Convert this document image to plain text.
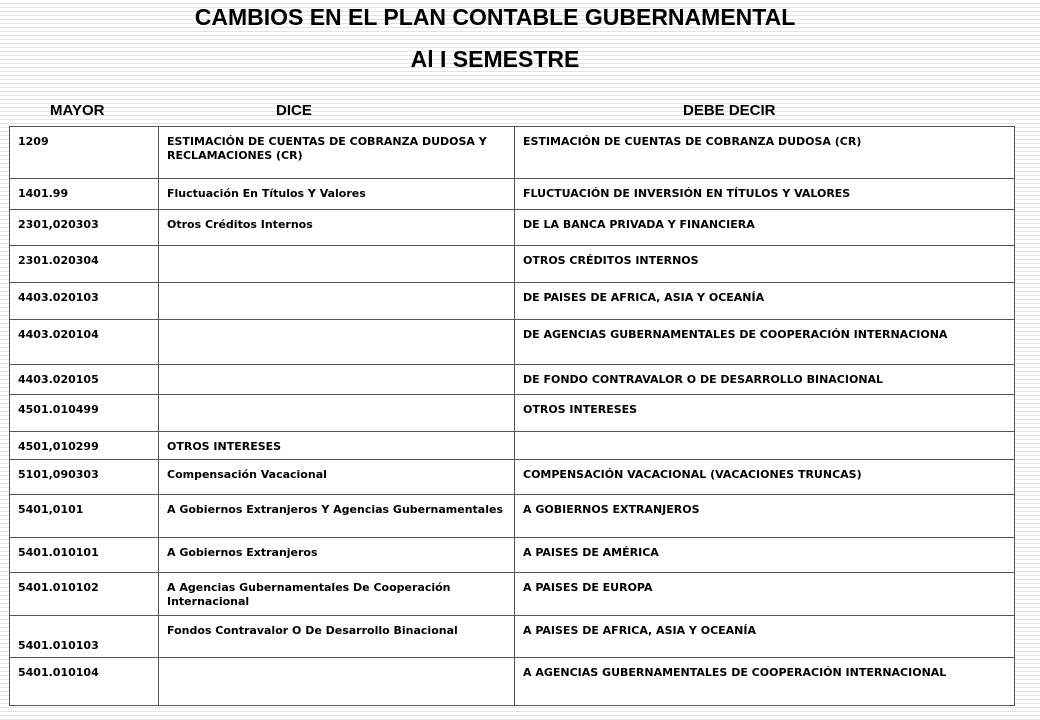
CAMBIOS EN EL PLAN CONTABLE GUBERNAMENTAL
Al I SEMESTRE
MAYOR	DICE	DEBE DECIR
1209	ESTIMACIÓN DE CUENTAS DE COBRANZA DUDOSA Y RECLAMACIONES (CR)	ESTIMACIÓN DE CUENTAS DE COBRANZA DUDOSA (CR)
1401.99	Fluctuación En Títulos Y Valores	FLUCTUACIÓN DE INVERSIÓN EN TÍTULOS Y VALORES
2301,020303	Otros Créditos Internos	DE LA BANCA PRIVADA Y FINANCIERA
2301.020304		OTROS CRÉDITOS INTERNOS
4403.020103		DE PAISES DE AFRICA, ASIA Y OCEANÍA
4403.020104		DE AGENCIAS GUBERNAMENTALES DE COOPERACIÓN INTERNACIONA
4403.020105		DE FONDO CONTRAVALOR O DE DESARROLLO BINACIONAL
4501.010499		OTROS INTERESES
4501,010299	OTROS INTERESES	
5101,090303	Compensación Vacacional	COMPENSACIÓN VACACIONAL (VACACIONES TRUNCAS)
5401,0101	A Gobiernos Extranjeros Y Agencias Gubernamentales	A GOBIERNOS EXTRANJEROS
5401.010101	A Gobiernos Extranjeros	A PAISES DE AMÉRICA
5401.010102	A Agencias Gubernamentales De Cooperación Internacional	A PAISES DE EUROPA
5401.010103	Fondos Contravalor O De Desarrollo Binacional	A PAISES DE AFRICA, ASIA Y OCEANÍA
5401.010104		A AGENCIAS GUBERNAMENTALES DE COOPERACIÓN INTERNACIONAL
